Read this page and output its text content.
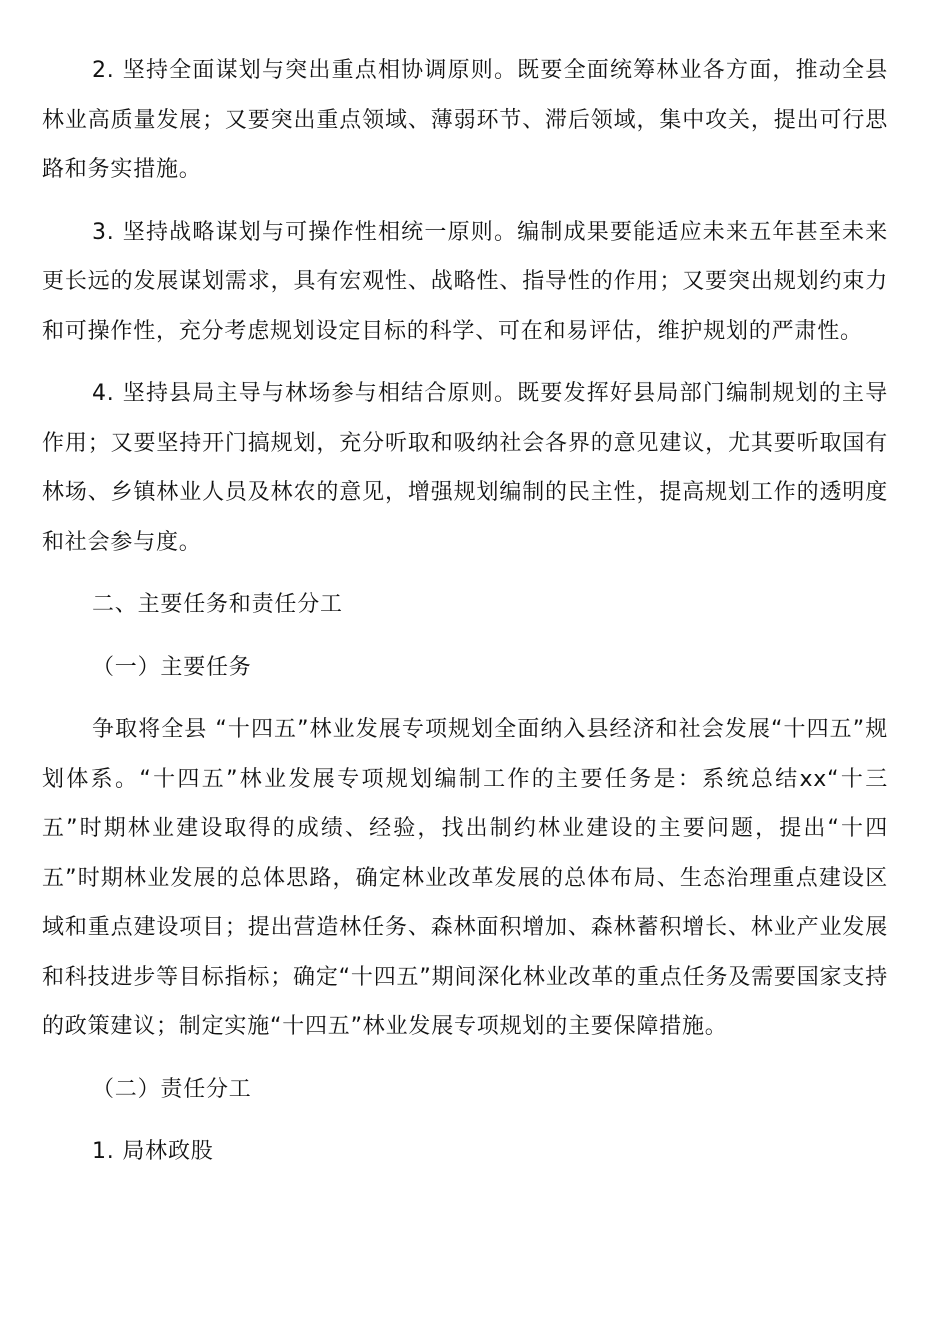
2. 坚持全面谋划与突出重点相协调原则。既要全面统筹林业各方面，推动全县林业高质量发展；又要突出重点领域、薄弱环节、滞后领域，集中攻关，提出可行思路和务实措施。

3. 坚持战略谋划与可操作性相统一原则。编制成果要能适应未来五年甚至未来更长远的发展谋划需求，具有宏观性、战略性、指导性的作用；又要突出规划约束力和可操作性，充分考虑规划设定目标的科学、可在和易评估，维护规划的严肃性。

4. 坚持县局主导与林场参与相结合原则。既要发挥好县局部门编制规划的主导作用；又要坚持开门搞规划，充分听取和吸纳社会各界的意见建议，尤其要听取国有林场、乡镇林业人员及林农的意见，增强规划编制的民主性，提高规划工作的透明度和社会参与度。

二、主要任务和责任分工

（一）主要任务

争取将全县 “十四五”林业发展专项规划全面纳入县经济和社会发展“十四五”规划体系。“十四五”林业发展专项规划编制工作的主要任务是：系统总结xx“十三五”时期林业建设取得的成绩、经验，找出制约林业建设的主要问题，提出“十四五”时期林业发展的总体思路，确定林业改革发展的总体布局、生态治理重点建设区域和重点建设项目；提出营造林任务、森林面积增加、森林蓄积增长、林业产业发展和科技进步等目标指标；确定“十四五”期间深化林业改革的重点任务及需要国家支持的政策建议；制定实施“十四五”林业发展专项规划的主要保障措施。

（二）责任分工

1. 局林政股
